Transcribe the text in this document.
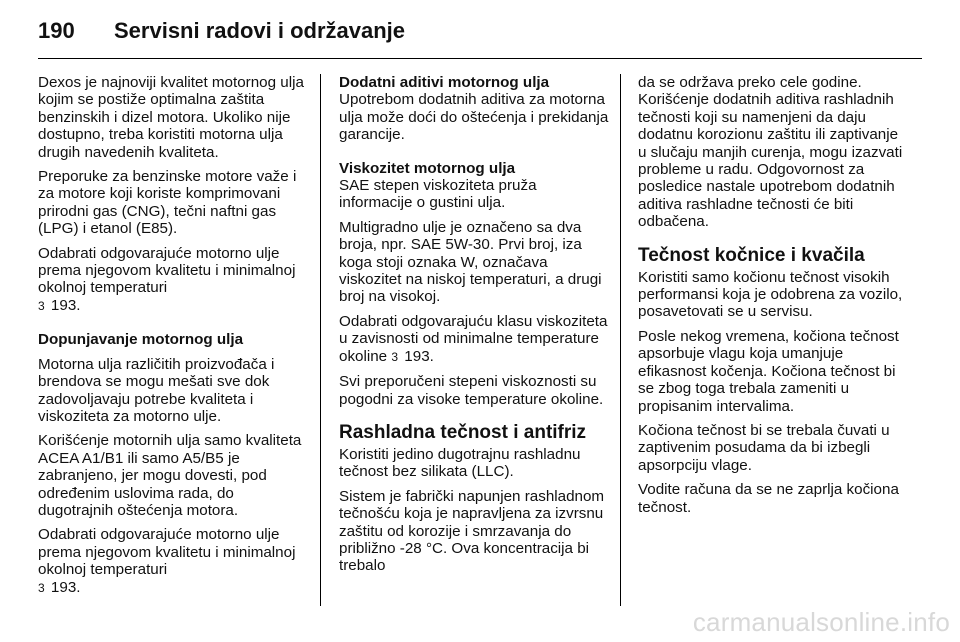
190	Servisni radovi i održavanje

Dexos je najnoviji kvalitet motornog ulja kojim se postiže optimalna zaštita benzinskih i dizel motora. Ukoliko nije dostupno, treba koristiti motorna ulja drugih navedenih kvaliteta.

Preporuke za benzinske motore važe i za motore koji koriste komprimovani prirodni gas (CNG), tečni naftni gas (LPG) i etanol (E85).

Odabrati odgovarajuće motorno ulje prema njegovom kvalitetu i minimalnoj okolnoj temperaturi
3 193.

Dopunjavanje motornog ulja

Motorna ulja različitih proizvođača i brendova se mogu mešati sve dok zadovoljavaju potrebe kvaliteta i viskoziteta za motorno ulje.

Korišćenje motornih ulja samo kvaliteta ACEA A1/B1 ili samo A5/B5 je zabranjeno, jer mogu dovesti, pod određenim uslovima rada, do dugotrajnih oštećenja motora.

Odabrati odgovarajuće motorno ulje prema njegovom kvalitetu i minimalnoj okolnoj temperaturi
3 193.

Dodatni aditivi motornog ulja

Upotrebom dodatnih aditiva za motorna ulja može doći do oštećenja i prekidanja garancije.

Viskozitet motornog ulja

SAE stepen viskoziteta pruža informacije o gustini ulja.

Multigradno ulje je označeno sa dva broja, npr. SAE 5W-30. Prvi broj, iza koga stoji oznaka W, označava viskozitet na niskoj temperaturi, a drugi broj na visokoj.

Odabrati odgovarajuću klasu viskoziteta u zavisnosti od minimalne temperature okoline 3 193.

Svi preporučeni stepeni viskoznosti su pogodni za visoke temperature okoline.

Rashladna tečnost i antifriz

Koristiti jedino dugotrajnu rashladnu tečnost bez silikata (LLC).

Sistem je fabrički napunjen rashladnom tečnošću koja je napravljena za izvrsnu zaštitu od korozije i smrzavanja do približno -28 °C. Ova koncentracija bi trebalo

da se održava preko cele godine. Korišćenje dodatnih aditiva rashladnih tečnosti koji su namenjeni da daju dodatnu korozionu zaštitu ili zaptivanje u slučaju manjih curenja, mogu izazvati probleme u radu. Odgovornost za posledice nastale upotrebom dodatnih aditiva rashladne tečnosti će biti odbačena.

Tečnost kočnice i kvačila

Koristiti samo kočionu tečnost visokih performansi koja je odobrena za vozilo, posavetovati se u servisu.

Posle nekog vremena, kočiona tečnost apsorbuje vlagu koja umanjuje efikasnost kočenja. Kočiona tečnost bi se zbog toga trebala zameniti u propisanim intervalima.

Kočiona tečnost bi se trebala čuvati u zaptivenim posudama da bi izbegli apsorpciju vlage.

Vodite računa da se ne zaprlja kočiona tečnost.

carmanualsonline.info
